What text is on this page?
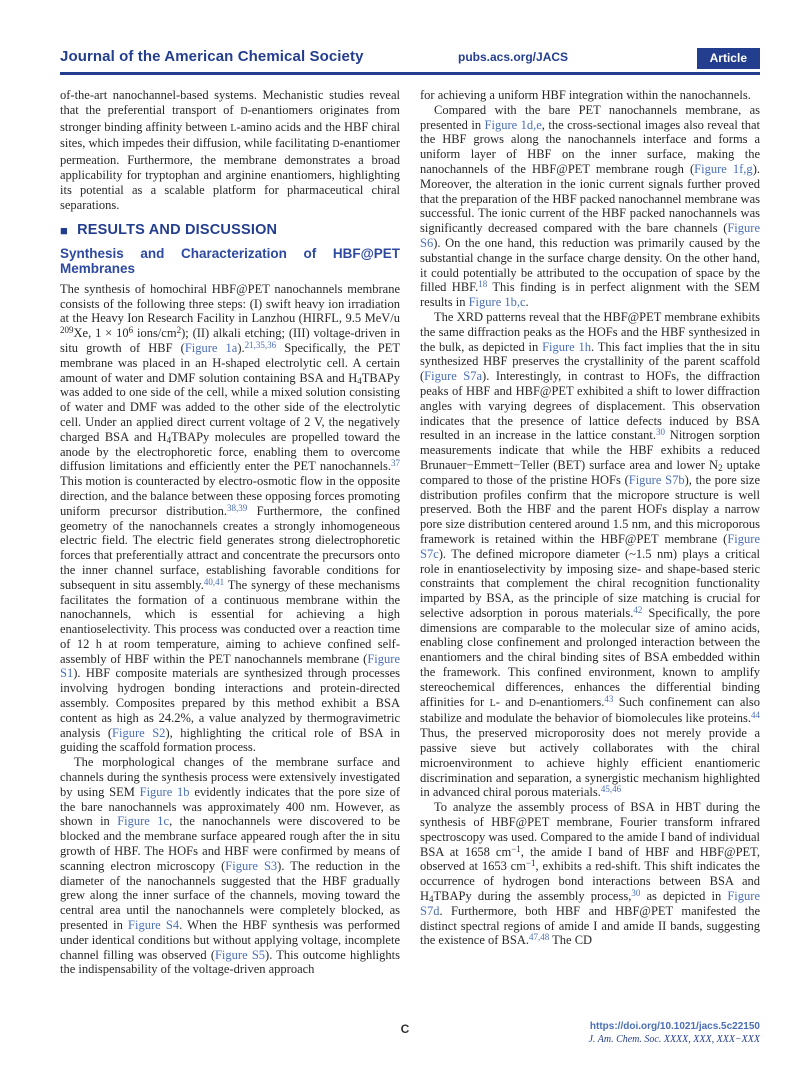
Journal of the American Chemical Society	pubs.acs.org/JACS	Article

of-the-art nanochannel-based systems. Mechanistic studies reveal that the preferential transport of D-enantiomers originates from stronger binding affinity between L-amino acids and the HBF chiral sites, which impedes their diffusion, while facilitating D-enantiomer permeation. Furthermore, the membrane demonstrates a broad applicability for tryptophan and arginine enantiomers, highlighting its potential as a scalable platform for pharmaceutical chiral separations.

■ RESULTS AND DISCUSSION
Synthesis and Characterization of HBF@PET Membranes

The synthesis of homochiral HBF@PET nanochannels membrane consists of the following three steps: (I) swift heavy ion irradiation at the Heavy Ion Research Facility in Lanzhou (HIRFL, 9.5 MeV/u $^{209}$Xe, $1 \times 10^6$ ions/$cm^2$); (II) alkali etching; (III) voltage-driven in situ growth of HBF (Figure 1a).$^{21,35,36}$ Specifically, the PET membrane was placed in an H-shaped electrolytic cell. A certain amount of water and DMF solution containing BSA and H4TBAPy was added to one side of the cell, while a mixed solution consisting of water and DMF was added to the other side of the electrolytic cell. Under an applied direct current voltage of 2 V, the negatively charged BSA and H4TBAPy molecules are propelled toward the anode by the electrophoretic force, enabling them to overcome diffusion limitations and efficiently enter the PET nanochannels.$^{37}$ This motion is counteracted by electro-osmotic flow in the opposite direction, and the balance between these opposing forces promoting uniform precursor distribution.$^{38,39}$ Furthermore, the confined geometry of the nanochannels creates a strongly inhomogeneous electric field. The electric field generates strong dielectrophoretic forces that preferentially attract and concentrate the precursors onto the inner channel surface, establishing favorable conditions for subsequent in situ assembly.$^{40,41}$ The synergy of these mechanisms facilitates the formation of a continuous membrane within the nanochannels, which is essential for achieving a high enantioselectivity. This process was conducted over a reaction time of 12 h at room temperature, aiming to achieve confined self-assembly of HBF within the PET nanochannels membrane (Figure S1). HBF composite materials are synthesized through processes involving hydrogen bonding interactions and protein-directed assembly. Composites prepared by this method exhibit a BSA content as high as 24.2%, a value analyzed by thermogravimetric analysis (Figure S2), highlighting the critical role of BSA in guiding the scaffold formation process.

The morphological changes of the membrane surface and channels during the synthesis process were extensively investigated by using SEM Figure 1b evidently indicates that the pore size of the bare nanochannels was approximately 400 nm. However, as shown in Figure 1c, the nanochannels were discovered to be blocked and the membrane surface appeared rough after the in situ growth of HBF. The HOFs and HBF were confirmed by means of scanning electron microscopy (Figure S3). The reduction in the diameter of the nanochannels suggested that the HBF gradually grew along the inner surface of the channels, moving toward the central area until the nanochannels were completely blocked, as presented in Figure S4. When the HBF synthesis was performed under identical conditions but without applying voltage, incomplete channel filling was observed (Figure S5). This outcome highlights the indispensability of the voltage-driven approach

for achieving a uniform HBF integration within the nanochannels.

Compared with the bare PET nanochannels membrane, as presented in Figure 1d,e, the cross-sectional images also reveal that the HBF grows along the nanochannels interface and forms a uniform layer of HBF on the inner surface, making the nanochannels of the HBF@PET membrane rough (Figure 1f,g). Moreover, the alteration in the ionic current signals further proved that the preparation of the HBF packed nanochannel membrane was successful. The ionic current of the HBF packed nanochannels was significantly decreased compared with the bare channels (Figure S6). On the one hand, this reduction was primarily caused by the substantial change in the surface charge density. On the other hand, it could potentially be attributed to the occupation of space by the filled HBF.$^{18}$ This finding is in perfect alignment with the SEM results in Figure 1b,c.

The XRD patterns reveal that the HBF@PET membrane exhibits the same diffraction peaks as the HOFs and the HBF synthesized in the bulk, as depicted in Figure 1h. This fact implies that the in situ synthesized HBF preserves the crystallinity of the parent scaffold (Figure S7a). Interestingly, in contrast to HOFs, the diffraction peaks of HBF and HBF@PET exhibited a shift to lower diffraction angles with varying degrees of displacement. This observation indicates that the presence of lattice defects induced by BSA resulted in an increase in the lattice constant.$^{30}$ Nitrogen sorption measurements indicate that while the HBF exhibits a reduced Brunauer−Emmett−Teller (BET) surface area and lower N2 uptake compared to those of the pristine HOFs (Figure S7b), the pore size distribution profiles confirm that the micropore structure is well preserved. Both the HBF and the parent HOFs display a narrow pore size distribution centered around 1.5 nm, and this microporous framework is retained within the HBF@PET membrane (Figure S7c). The defined micropore diameter (~1.5 nm) plays a critical role in enantioselectivity by imposing size- and shape-based steric constraints that complement the chiral recognition functionality imparted by BSA, as the principle of size matching is crucial for selective adsorption in porous materials.$^{42}$ Specifically, the pore dimensions are comparable to the molecular size of amino acids, enabling close confinement and prolonged interaction between the enantiomers and the chiral binding sites of BSA embedded within the framework. This confined environment, known to amplify stereochemical differences, enhances the differential binding affinities for L- and D-enantiomers.$^{43}$ Such confinement can also stabilize and modulate the behavior of biomolecules like proteins.$^{44}$ Thus, the preserved microporosity does not merely provide a passive sieve but actively collaborates with the chiral microenvironment to achieve highly efficient enantiomeric discrimination and separation, a synergistic mechanism highlighted in advanced chiral porous materials.$^{45,46}$

To analyze the assembly process of BSA in HBT during the synthesis of HBF@PET membrane, Fourier transform infrared spectroscopy was used. Compared to the amide I band of individual BSA at 1658 $cm^{-1}$, the amide I band of HBF and HBF@PET, observed at 1653 $cm^{-1}$, exhibits a red-shift. This shift indicates the occurrence of hydrogen bond interactions between BSA and H4TBAPy during the assembly process,$^{30}$ as depicted in Figure S7d. Furthermore, both HBF and HBF@PET manifested the distinct spectral regions of amide I and amide II bands, suggesting the existence of BSA.$^{47,48}$ The CD

C	https://doi.org/10.1021/jacs.5c22150
J. Am. Chem. Soc. XXXX, XXX, XXX−XXX
